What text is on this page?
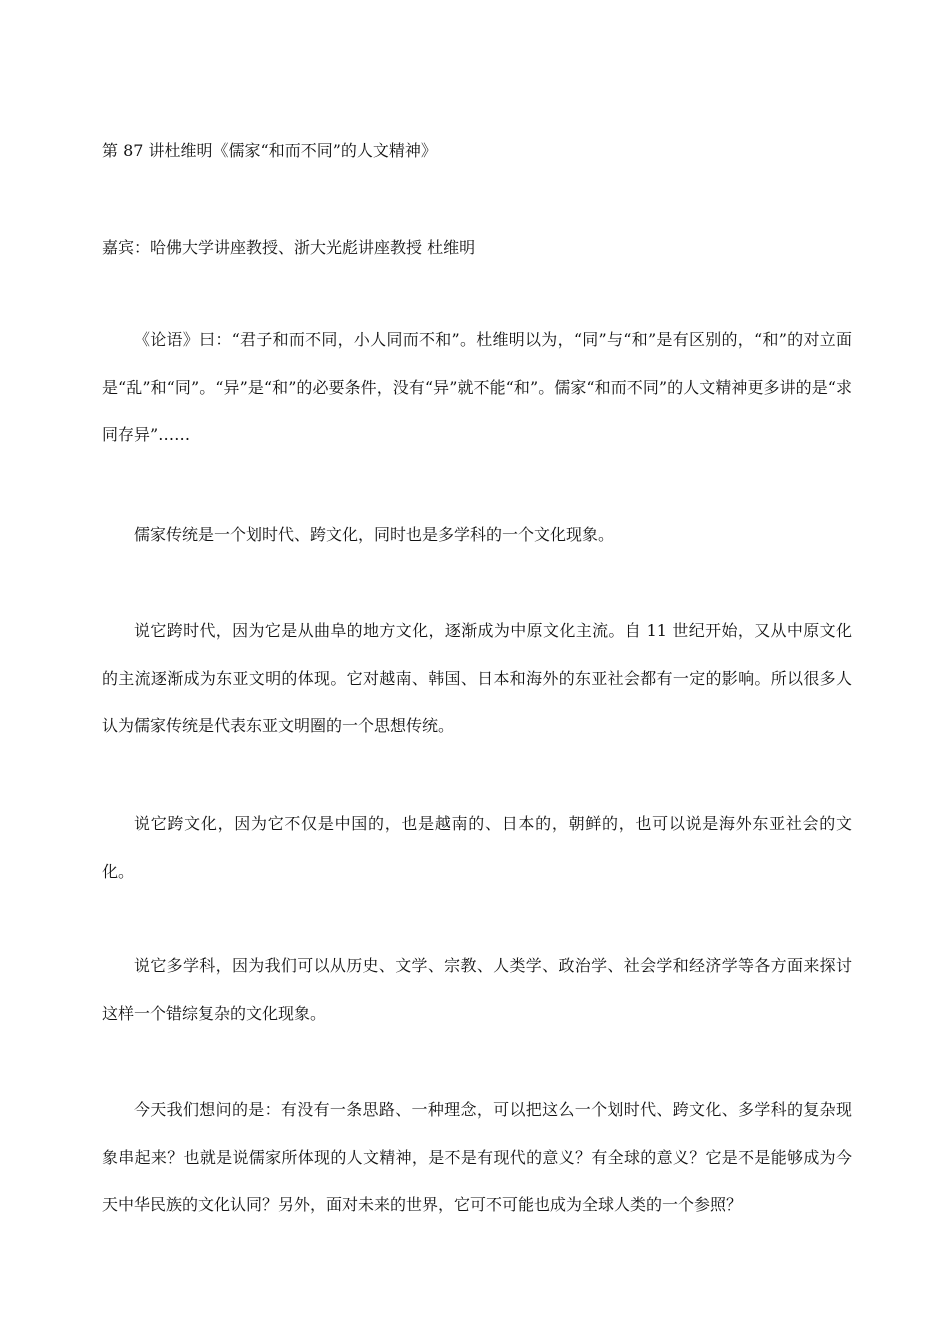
第 87 讲杜维明《儒家“和而不同”的人文精神》
嘉宾：哈佛大学讲座教授、浙大光彪讲座教授 杜维明

《论语》曰：“君子和而不同，小人同而不和”。杜维明以为，“同”与“和”是有区别的，“和”的对立面是“乱”和“同”。“异”是“和”的必要条件，没有“异”就不能“和”。儒家“和而不同”的人文精神更多讲的是“求同存异”……

儒家传统是一个划时代、跨文化，同时也是多学科的一个文化现象。

说它跨时代，因为它是从曲阜的地方文化，逐渐成为中原文化主流。自 11 世纪开始，又从中原文化的主流逐渐成为东亚文明的体现。它对越南、韩国、日本和海外的东亚社会都有一定的影响。所以很多人认为儒家传统是代表东亚文明圈的一个思想传统。

说它跨文化，因为它不仅是中国的，也是越南的、日本的，朝鲜的，也可以说是海外东亚社会的文化。

说它多学科，因为我们可以从历史、文学、宗教、人类学、政治学、社会学和经济学等各方面来探讨这样一个错综复杂的文化现象。

今天我们想问的是：有没有一条思路、一种理念，可以把这么一个划时代、跨文化、多学科的复杂现象串起来？也就是说儒家所体现的人文精神，是不是有现代的意义？有全球的意义？它是不是能够成为今天中华民族的文化认同？另外，面对未来的世界，它可不可能也成为全球人类的一个参照？
